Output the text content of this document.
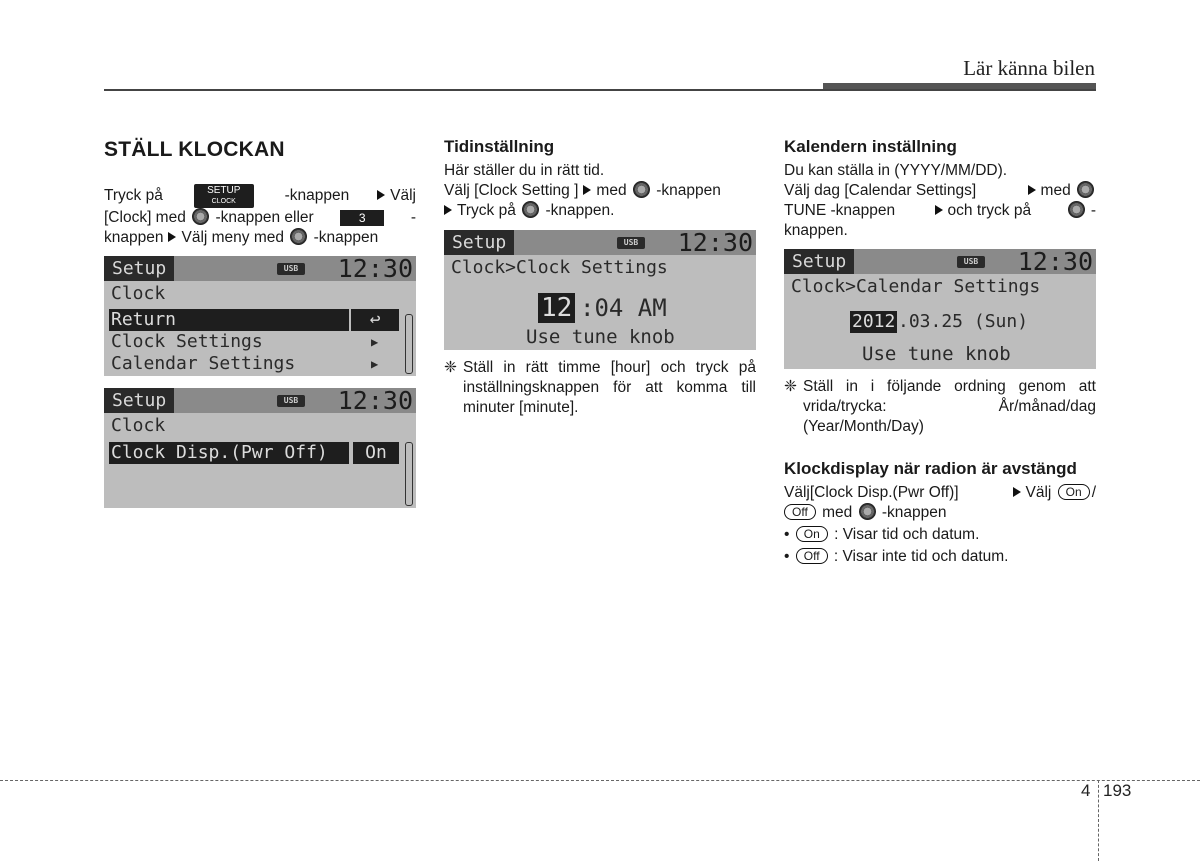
Lär känna bilen
STÄLL KLOCKAN

Tryck på	SETUP
CLOCK	-knappen	Välj

[Clock] med -knappen eller	3	-

knappen Välj meny med -knappen

Setup	USB 12:30
Clock
Return	↩
Clock Settings	▶
Calendar Settings	▶
Setup	USB 12:30
Clock
Clock Disp.(Pwr Off)	On
Tidinställning

Här ställer du in rätt tid.

Välj [Clock Setting ] med -knappen

Tryck på -knappen.

Setup	USB 12:30
Clock>Clock Settings
12 :04 AM
Use tune knob
❈ Ställ in rätt timme [hour] och tryck på inställningsknappen för att komma till minuter [minute].
Kalendern inställning

Du kan ställa in (YYYY/MM/DD).

Välj dag [Calendar Settings]	med

TUNE -knappen	och tryck på	-

knappen.

Setup	USB 12:30
Clock>Calendar Settings
2012 .03.25 (Sun)
Use tune knob
❈ Ställ in i följande ordning genom att vrida/trycka:	År/månad/dag
(Year/Month/Day)
Klockdisplay när radion är avstängd

Välj[Clock Disp.(Pwr Off)]	Välj On /

Off med -knappen

• On : Visar tid och datum.

• Off : Visar inte tid och datum.

4 193
